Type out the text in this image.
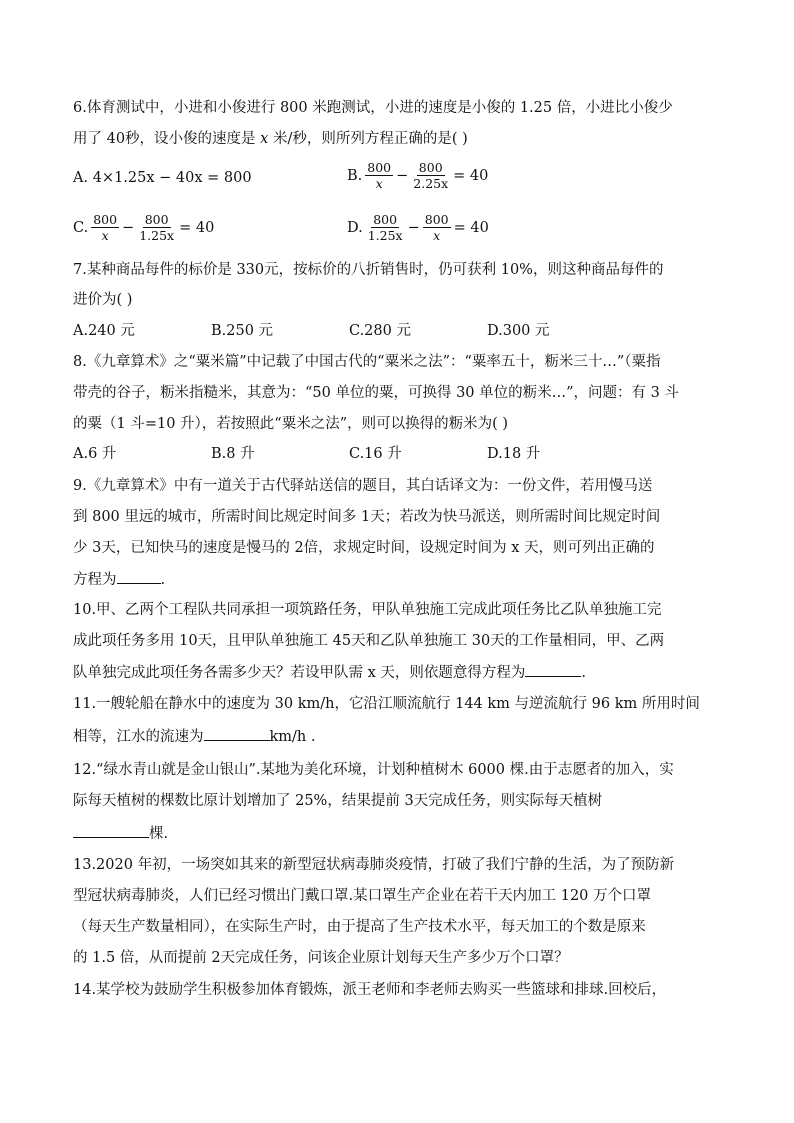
6.体育测试中，小进和小俊进行 800 米跑测试，小进的速度是小俊的 1.25 倍，小进比小俊少
用了 40秒，设小俊的速度是 x 米/秒，则所列方程正确的是( )
A. 4×1.25x − 40x = 800	B. $\frac{800}{x} - \frac{800}{2.25x} = 40$
C. $\frac{800}{x} - \frac{800}{1.25x} = 40$	D. $\frac{800}{1.25x} - \frac{800}{x} = 40$
7.某种商品每件的标价是 330元，按标价的八折销售时，仍可获利 10%，则这种商品每件的
进价为( )
A.240 元	B.250 元	C.280 元	D.300 元
8.《九章算术》之“粟米篇”中记载了中国古代的“粟米之法”：“粟率五十，粝米三十…”（粟指
带壳的谷子，粝米指糙米，其意为：“50 单位的粟，可换得 30 单位的粝米…”，问题：有 3 斗
的粟（1 斗=10 升），若按照此“粟米之法”，则可以换得的粝米为( )
A.6 升	B.8 升	C.16 升	D.18 升
9.《九章算术》中有一道关于古代驿站送信的题目，其白话译文为：一份文件，若用慢马送
到 800 里远的城市，所需时间比规定时间多 1天；若改为快马派送，则所需时间比规定时间
少 3天，已知快马的速度是慢马的 2倍，求规定时间，设规定时间为 x 天，则可列出正确的
方程为	.
10.甲、乙两个工程队共同承担一项筑路任务，甲队单独施工完成此项任务比乙队单独施工完
成此项任务多用 10天，且甲队单独施工 45天和乙队单独施工 30天的工作量相同，甲、乙两
队单独完成此项任务各需多少天？若设甲队需 x 天，则依题意得方程为	.
11.一艘轮船在静水中的速度为 30 km/h，它沿江顺流航行 144 km 与逆流航行 96 km 所用时间
相等，江水的流速为	km/h .
12.“绿水青山就是金山银山”.某地为美化环境，计划种植树木 6000 棵.由于志愿者的加入，实
际每天植树的棵数比原计划增加了 25%，结果提前 3天完成任务，则实际每天植树
棵.
13.2020 年初，一场突如其来的新型冠状病毒肺炎疫情，打破了我们宁静的生活，为了预防新
型冠状病毒肺炎，人们已经习惯出门戴口罩.某口罩生产企业在若干天内加工 120 万个口罩
（每天生产数量相同），在实际生产时，由于提高了生产技术水平，每天加工的个数是原来
的 1.5 倍，从而提前 2天完成任务，问该企业原计划每天生产多少万个口罩？
14.某学校为鼓励学生积极参加体育锻炼，派王老师和李老师去购买一些篮球和排球.回校后，
